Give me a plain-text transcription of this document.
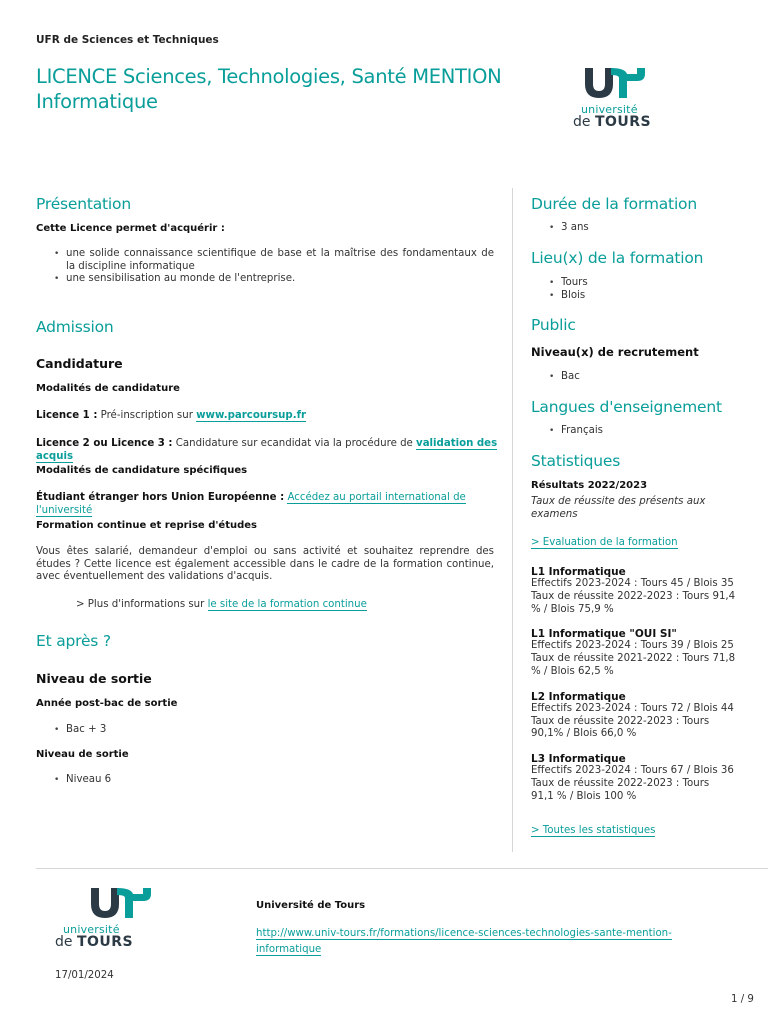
UFR de Sciences et Techniques
LICENCE Sciences, Technologies, Santé MENTION
Informatique	université
de TOURS
Présentation
Cette Licence permet d'acquérir :
• une solide connaissance scientifique de base et la maîtrise des fondamentaux de la discipline informatique
• une sensibilisation au monde de l'entreprise.
Admission
Candidature
Modalités de candidature
Licence 1 : Pré-inscription sur www.parcoursup.fr
Licence 2 ou Licence 3 : Candidature sur ecandidat via la procédure de validation des acquis
Modalités de candidature spécifiques
Étudiant étranger hors Union Européenne : Accédez au portail international de l'université
Formation continue et reprise d'études
Vous êtes salarié, demandeur d'emploi ou sans activité et souhaitez reprendre des études ? Cette licence est également accessible dans le cadre de la formation continue, avec éventuellement des validations d'acquis.
> Plus d'informations sur le site de la formation continue
Et après ?
Niveau de sortie
Année post-bac de sortie
• Bac + 3
Niveau de sortie
• Niveau 6
Durée de la formation
• 3 ans
Lieu(x) de la formation
• Tours
• Blois
Public
Niveau(x) de recrutement
• Bac
Langues d'enseignement
• Français
Statistiques
Résultats 2022/2023
Taux de réussite des présents aux examens
> Evaluation de la formation
L1 Informatique
Effectifs 2023-2024 : Tours 45 / Blois 35
Taux de réussite 2022-2023 : Tours 91,4
% / Blois 75,9 %
L1 Informatique "OUI SI"
Effectifs 2023-2024 : Tours 39 / Blois 25
Taux de réussite 2021-2022 : Tours 71,8
% / Blois 62,5 %
L2 Informatique
Effectifs 2023-2024 : Tours 72 / Blois 44
Taux de réussite 2022-2023 : Tours
90,1% / Blois 66,0 %
L3 Informatique
Effectifs 2023-2024 : Tours 67 / Blois 36
Taux de réussite 2022-2023 : Tours
91,1 % / Blois 100 %
> Toutes les statistiques
université
de TOURS
Université de Tours
http://www.univ-tours.fr/formations/licence-sciences-technologies-sante-mention-
informatique
17/01/2024
1 / 9
